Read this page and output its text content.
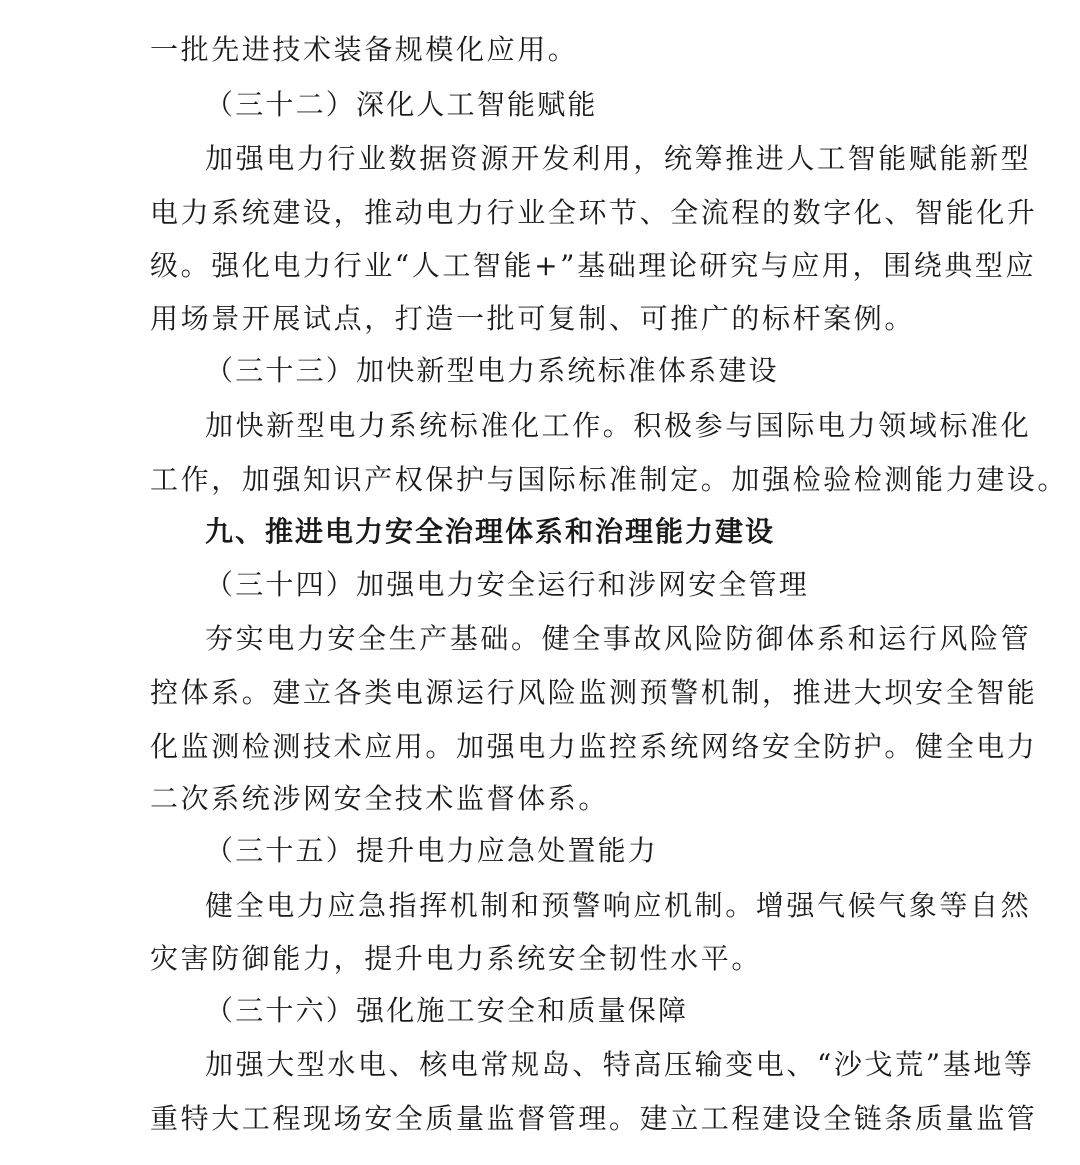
一批先进技术装备规模化应用。
（三十二）深化人工智能赋能
加强电力行业数据资源开发利用，统筹推进人工智能赋能新型
电力系统建设，推动电力行业全环节、全流程的数字化、智能化升
级。强化电力行业“人工智能+”基础理论研究与应用，围绕典型应
用场景开展试点，打造一批可复制、可推广的标杆案例。
（三十三）加快新型电力系统标准体系建设
加快新型电力系统标准化工作。积极参与国际电力领域标准化
工作，加强知识产权保护与国际标准制定。加强检验检测能力建设。
九、推进电力安全治理体系和治理能力建设
（三十四）加强电力安全运行和涉网安全管理
夯实电力安全生产基础。健全事故风险防御体系和运行风险管
控体系。建立各类电源运行风险监测预警机制，推进大坝安全智能
化监测检测技术应用。加强电力监控系统网络安全防护。健全电力
二次系统涉网安全技术监督体系。
（三十五）提升电力应急处置能力
健全电力应急指挥机制和预警响应机制。增强气候气象等自然
灾害防御能力，提升电力系统安全韧性水平。
（三十六）强化施工安全和质量保障
加强大型水电、核电常规岛、特高压输变电、“沙戈荒”基地等
重特大工程现场安全质量监督管理。建立工程建设全链条质量监管
